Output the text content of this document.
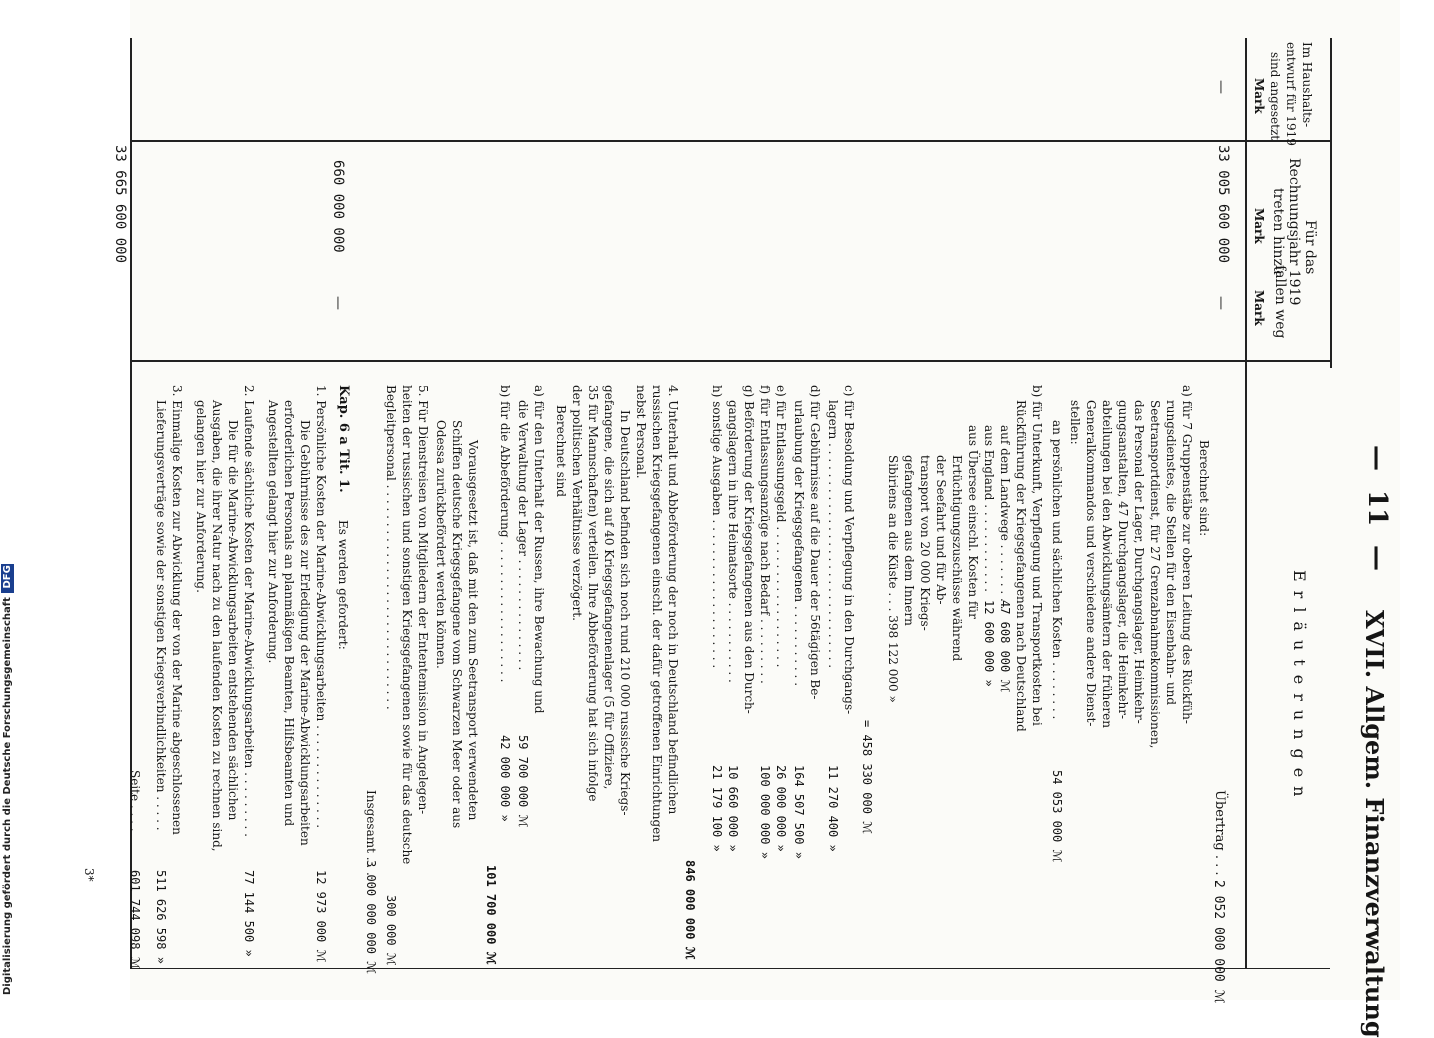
—
11
—
XVII. Allgem. Finanzverwaltung
Im Haushalts-
entwurf für 1919
sind angesetzt
Mark
Für das
Rechnungsjahr 1919
treten hinzu
Mark
fallen weg
Mark
Erläuterungen
—
33 005 600 000
660 000 000
33 665 600 000
—
—
Übertrag . . . .
2 052 000 000 ℳ
Berechnet sind:
a) für 7 Gruppenstäbe zur oberen Leitung des Rückfüh-
rungsdienstes, die Stellen für den Eisenbahn- und
Seetransportdienst, für 27 Grenzabnahmekommissionen,
das Personal der Lager, Durchgangslager, Heimkehr-
gungsanstalten, 47 Durchgangslager, die Heimkehr-
abteilungen bei den Abwicklungsämtern der früheren
Generalkommandos und verschiedene andere Dienst-
stellen:
an persönlichen und sächlichen Kosten . . . . . . . .
54 053 000 ℳ
b) für Unterkunft, Verpflegung und Transportkosten bei
Rückführung der Kriegsgefangenen nach Deutschland
auf dem Landwege . . . . . . . . .
47 608 000 ℳ
aus England . . . . . . . . . . . .
12 600 000 »
aus Übersee einschl. Kosten für
Ertüchtigungszuschüsse während
der Seefahrt und für Ab-
transport von 20 000 Kriegs-
gefangenen aus dem Innern
Sibiriens an die Küste . . . 398 122 000 »
= 458 330 000 ℳ
c) für Besoldung und Verpflegung in den Durchgangs-
lagern . . . . . . . . . . . . . . . . . . . . . . . . . . . . . .
11 270 400 »
d) für Gebührnisse auf die Dauer der 56tägigen Be-
urlaubung der Kriegsgefangenen . . . . . . . . . . .
164 507 500 »
e) für Entlassungsgeld . . . . . . . . . . . . . . . . . . .
26 000 000 »
f) für Entlassungsanzüge nach Bedarf . . . . . . . . .
100 000 000 »
g) Beförderung der Kriegsgefangenen aus den Durch-
gangslagern in ihre Heimatsorte . . . . . . . . . . .
10 660 000 »
h) sonstige Ausgaben . . . . . . . . . . . . . . . . . . . .
21 179 100 »
846 000 000 ℳ
4. Unterhalt und Abbeförderung der noch in Deutschland befindlichen
russischen Kriegsgefangenen einschl. der dafür getroffenen Einrichtungen
nebst Personal.
In Deutschland befinden sich noch rund 210 000 russische Kriegs-
gefangene, die sich auf 40 Kriegsgefangenenlager (5 für Offiziere,
35 für Mannschaften) verteilen. Ihre Abbeförderung hat sich infolge
der politischen Verhältnisse verzögert.
Berechnet sind
a) für den Unterhalt der Russen, ihre Bewachung und
die Verwaltung der Lager . . . . . . . . . . . . . . .
59 700 000 ℳ
b) für die Abbeförderung . . . . . . . . . . . . . . . . . . .
42 000 000 »
101 700 000 ℳ
Vorausgesetzt ist, daß mit den zum Seetransport verwendeten
Schiffen deutsche Kriegsgefangene vom Schwarzen Meer oder aus
Odessa zurückbefördert werden können.
5. Für Dienstreisen von Mitgliedern der Ententemission in Angelegen-
heiten der russischen und sonstigen Kriegsgefangenen sowie für das deutsche
Begleitpersonal . . . . . . . . . . . . . . . . . . . . . . . . . . . . . .
300 000 ℳ
Insgesamt . . .
3 000 000 000 ℳ
Kap. 6 a Tit. 1.
Es werden gefordert:
1. Persönliche Kosten der Marine-Abwicklungsarbeiten . . . . . . . . . . . . . .
12 973 000 ℳ
Die Gebührnisse des zur Erledigung der Marine-Abwicklungsarbeiten
erforderlichen Personals an planmäßigen Beamten, Hilfsbeamten und
Angestellten gelangt hier zur Anforderung.
2. Laufende sächliche Kosten der Marine-Abwicklungsarbeiten . . . . . . . . .
77 144 500 »
Die für die Marine-Abwicklungsarbeiten entstehenden sächlichen
Ausgaben, die ihrer Natur nach zu den laufenden Kosten zu rechnen sind,
gelangen hier zur Anforderung.
3. Einmalige Kosten zur Abwicklung der von der Marine abgeschlossenen
Lieferungsverträge sowie der sonstigen Kriegsverbindlichkeiten . . . . .
511 626 598 »
Seite . . . .
601 744 098 ℳ
3*
Digitalisierung gefördert durch die Deutsche Forschungsgemeinschaft DFG
